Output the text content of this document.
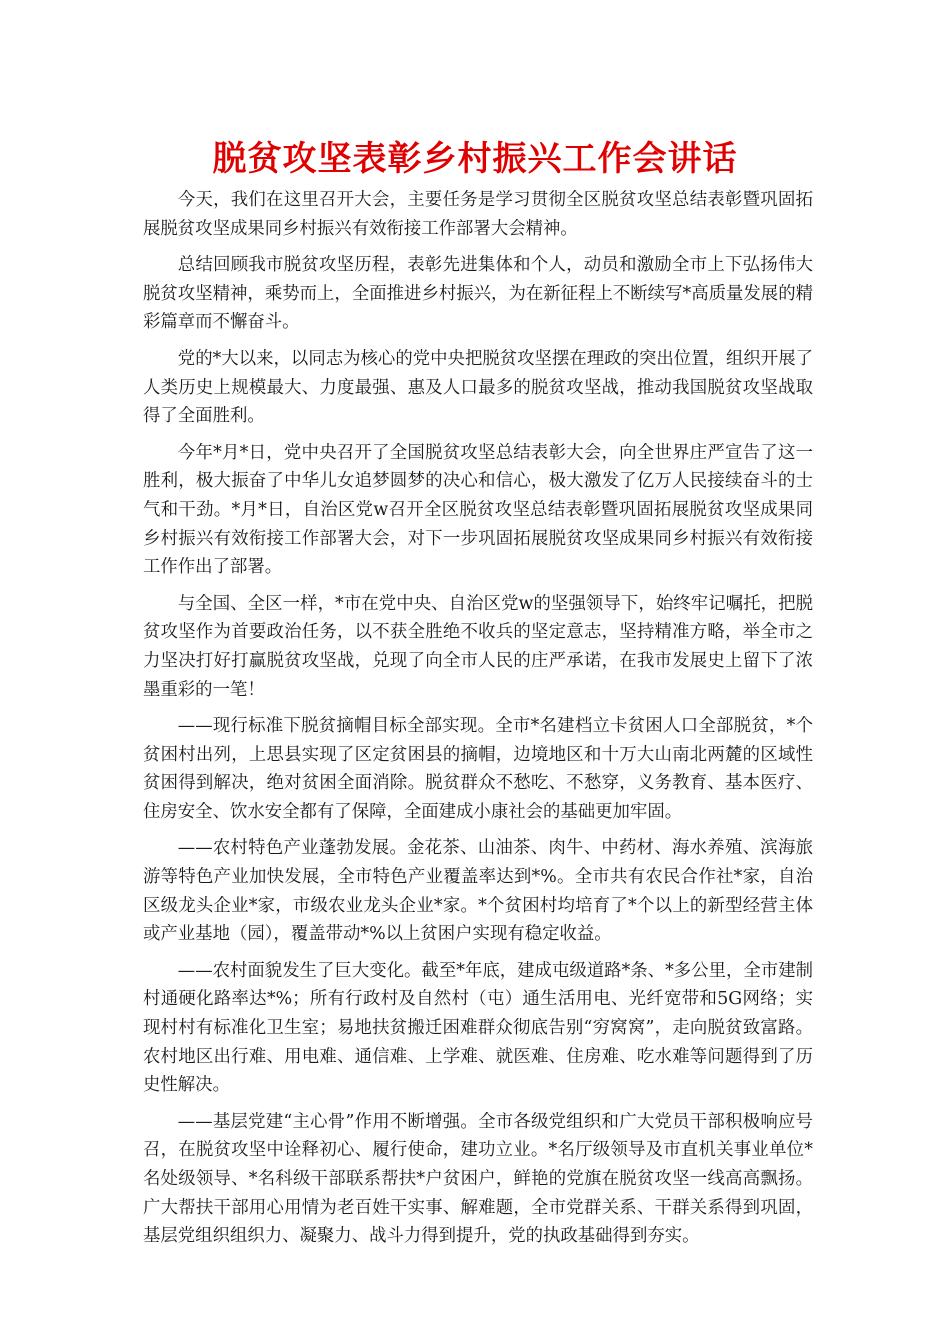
脱贫攻坚表彰乡村振兴工作会讲话

今天，我们在这里召开大会，主要任务是学习贯彻全区脱贫攻坚总结表彰暨巩固拓展脱贫攻坚成果同乡村振兴有效衔接工作部署大会精神。

总结回顾我市脱贫攻坚历程，表彰先进集体和个人，动员和激励全市上下弘扬伟大脱贫攻坚精神，乘势而上，全面推进乡村振兴，为在新征程上不断续写*高质量发展的精彩篇章而不懈奋斗。

党的*大以来，以同志为核心的党中央把脱贫攻坚摆在理政的突出位置，组织开展了人类历史上规模最大、力度最强、惠及人口最多的脱贫攻坚战，推动我国脱贫攻坚战取得了全面胜利。

今年*月*日，党中央召开了全国脱贫攻坚总结表彰大会，向全世界庄严宣告了这一胜利，极大振奋了中华儿女追梦圆梦的决心和信心，极大激发了亿万人民接续奋斗的士气和干劲。*月*日，自治区党w召开全区脱贫攻坚总结表彰暨巩固拓展脱贫攻坚成果同乡村振兴有效衔接工作部署大会，对下一步巩固拓展脱贫攻坚成果同乡村振兴有效衔接工作作出了部署。

与全国、全区一样，*市在党中央、自治区党w的坚强领导下，始终牢记嘱托，把脱贫攻坚作为首要政治任务，以不获全胜绝不收兵的坚定意志，坚持精准方略，举全市之力坚决打好打赢脱贫攻坚战，兑现了向全市人民的庄严承诺，在我市发展史上留下了浓墨重彩的一笔！

——现行标准下脱贫摘帽目标全部实现。全市*名建档立卡贫困人口全部脱贫，*个贫困村出列，上思县实现了区定贫困县的摘帽，边境地区和十万大山南北两麓的区域性贫困得到解决，绝对贫困全面消除。脱贫群众不愁吃、不愁穿，义务教育、基本医疗、住房安全、饮水安全都有了保障，全面建成小康社会的基础更加牢固。

——农村特色产业蓬勃发展。金花茶、山油茶、肉牛、中药材、海水养殖、滨海旅游等特色产业加快发展，全市特色产业覆盖率达到*%。全市共有农民合作社*家，自治区级龙头企业*家，市级农业龙头企业*家。*个贫困村均培育了*个以上的新型经营主体或产业基地（园），覆盖带动*%以上贫困户实现有稳定收益。

——农村面貌发生了巨大变化。截至*年底，建成屯级道路*条、*多公里，全市建制村通硬化路率达*%；所有行政村及自然村（屯）通生活用电、光纤宽带和5G网络；实现村村有标准化卫生室；易地扶贫搬迁困难群众彻底告别“穷窝窝”，走向脱贫致富路。农村地区出行难、用电难、通信难、上学难、就医难、住房难、吃水难等问题得到了历史性解决。

——基层党建“主心骨”作用不断增强。全市各级党组织和广大党员干部积极响应号召，在脱贫攻坚中诠释初心、履行使命，建功立业。*名厅级领导及市直机关事业单位*名处级领导、*名科级干部联系帮扶*户贫困户，鲜艳的党旗在脱贫攻坚一线高高飘扬。广大帮扶干部用心用情为老百姓干实事、解难题，全市党群关系、干群关系得到巩固，基层党组织组织力、凝聚力、战斗力得到提升，党的执政基础得到夯实。
